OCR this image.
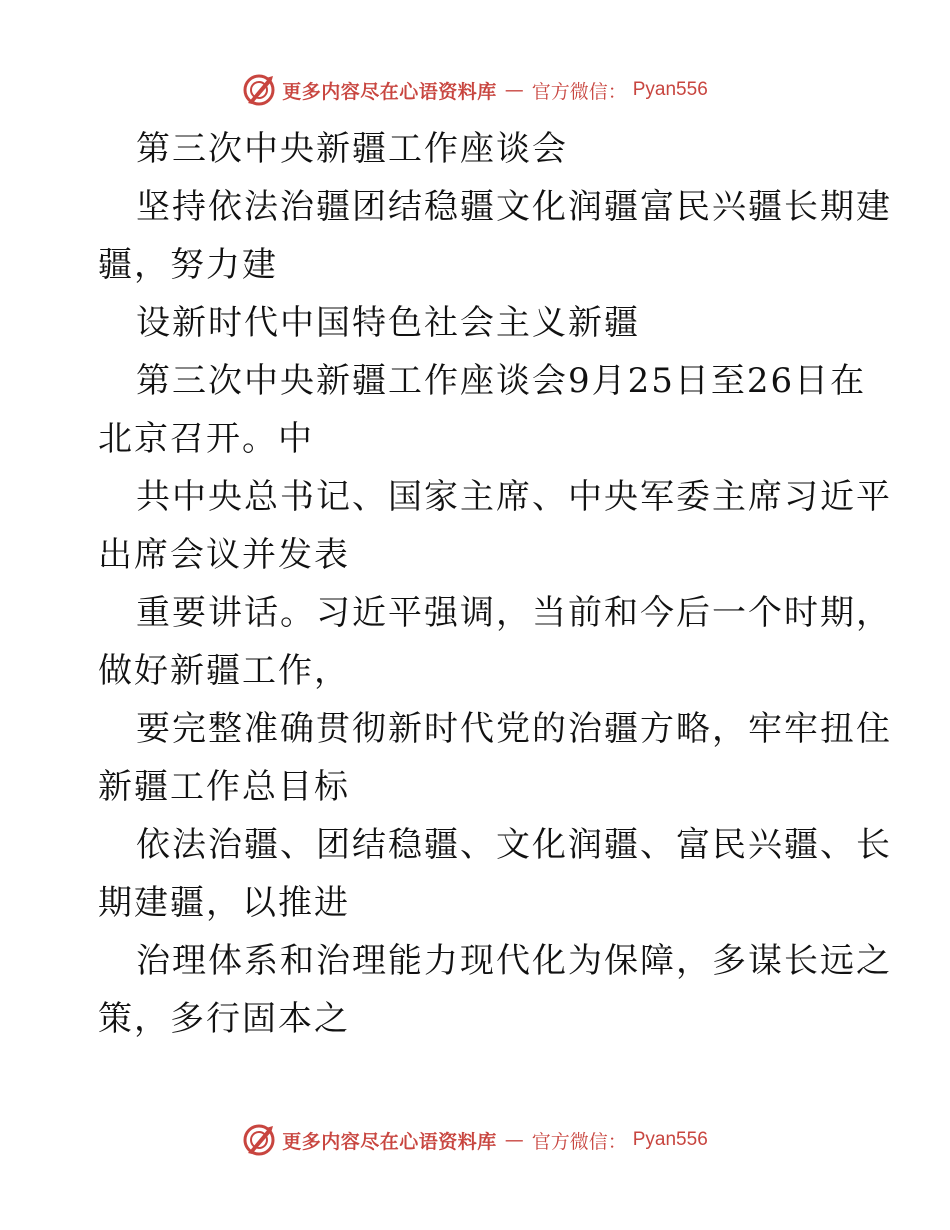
更多内容尽在心语资料库 — 官方微信： Pyan556
第三次中央新疆工作座谈会
坚持依法治疆团结稳疆文化润疆富民兴疆长期建
疆，努力建
设新时代中国特色社会主义新疆
第三次中央新疆工作座谈会9月25日至26日在
北京召开。中
共中央总书记、国家主席、中央军委主席习近平
出席会议并发表
重要讲话。习近平强调，当前和今后一个时期，
做好新疆工作，
要完整准确贯彻新时代党的治疆方略，牢牢扭住
新疆工作总目标
依法治疆、团结稳疆、文化润疆、富民兴疆、长
期建疆，以推进
治理体系和治理能力现代化为保障，多谋长远之
策，多行固本之
更多内容尽在心语资料库 — 官方微信： Pyan556
